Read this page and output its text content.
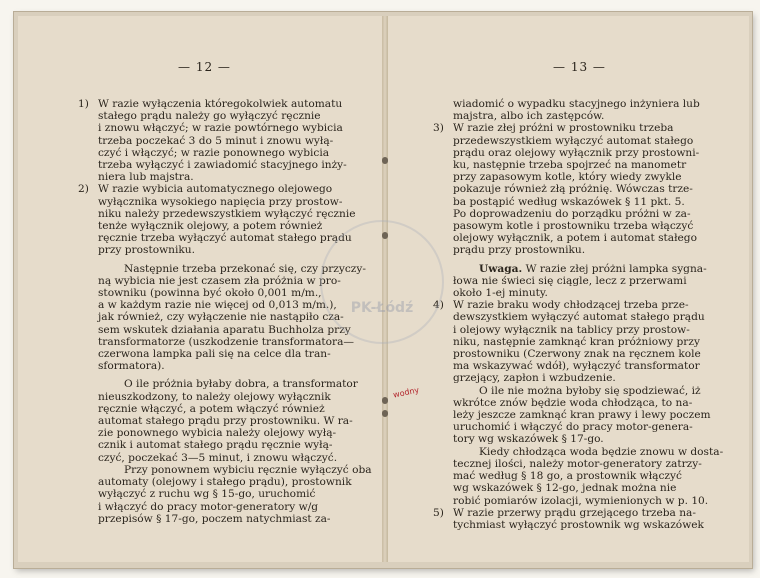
— 12 —
1) W razie wyłączenia któregokolwiek automatu
stałego prądu należy go wyłączyć ręcznie
i znowu włączyć; w razie powtórnego wybicia
trzeba poczekać 3 do 5 minut i znowu wyłą-
czyć i włączyć; w razie ponownego wybicia
trzeba wyłączyć i zawiadomić stacyjnego inży-
niera lub majstra.
2) W razie wybicia automatycznego olejowego
wyłącznika wysokiego napięcia przy prostow-
niku należy przedewszystkiem wyłączyć ręcznie
tenże wyłącznik olejowy, a potem również
ręcznie trzeba wyłączyć automat stałego prądu
przy prostowniku.
Następnie trzeba przekonać się, czy przyczy-
ną wybicia nie jest czasem zła próżnia w pro-
stowniku (powinna być około 0,001 m/m.,
a w każdym razie nie więcej od 0,013 m/m.),
jak również, czy wyłączenie nie nastąpiło cza-
sem wskutek działania aparatu Buchholza przy
transformatorze (uszkodzenie transformatora—
czerwona lampka pali się na celce dla tran-
sformatora).
O ile próżnia byłaby dobra, a transformator
nieuszkodzony, to należy olejowy wyłącznik
ręcznie włączyć, a potem włączyć również
automat stałego prądu przy prostowniku. W ra-
zie ponownego wybicia należy olejowy wyłą-
cznik i automat stałego prądu ręcznie wyłą-
czyć, poczekać 3—5 minut, i znowu włączyć.
Przy ponownem wybiciu ręcznie wyłączyć oba
automaty (olejowy i stałego prądu), prostownik
wyłączyć z ruchu wg § 15-go, uruchomić
i włączyć do pracy motor-generatory w/g
przepisów § 17-go, poczem natychmiast za-
— 13 —
wiadomić o wypadku stacyjnego inżyniera lub
majstra, albo ich zastępców.
3) W razie złej próżni w prostowniku trzeba
przedewszystkiem wyłączyć automat stałego
prądu oraz olejowy wyłącznik przy prostowni-
ku, następnie trzeba spojrzeć na manometr
przy zapasowym kotle, który wiedy zwykle
pokazuje również złą próżnię. Wówczas trze-
ba postąpić według wskazówek § 11 pkt. 5.
Po doprowadzeniu do porządku próżni w za-
pasowym kotle i prostowniku trzeba włączyć
olejowy wyłącznik, a potem i automat stałego
prądu przy prostowniku.
Uwaga. W razie złej próżni lampka sygna-
łowa nie świeci się ciągle, lecz z przerwami
około 1-ej minuty.
4) W razie braku wody chłodzącej trzeba prze-
dewszystkiem wyłączyć automat stałego prądu
i olejowy wyłącznik na tablicy przy prostow-
niku, następnie zamknąć kran próżniowy przy
prostowniku (Czerwony znak na ręcznem kole
ma wskazywać wdół), wyłączyć transformator
grzejący, zapłon i wzbudzenie.
O ile nie można byłoby się spodziewać, iż
wkrótce znów będzie woda chłodząca, to na-
leży jeszcze zamknąć kran prawy i lewy poczem
uruchomić i włączyć do pracy motor-genera-
tory wg wskazówek § 17-go.
Kiedy chłodząca woda będzie znowu w dosta-
tecznej ilości, należy motor-generatory zatrzy-
mać według § 18 go, a prostownik włączyć
wg wskazówek § 12-go, jednak można nie
robić pomiarów izolacji, wymienionych w p. 10.
5) W razie przerwy prądu grzejącego trzeba na-
tychmiast wyłączyć prostownik wg wskazówek
PK-Łódź
wodny
